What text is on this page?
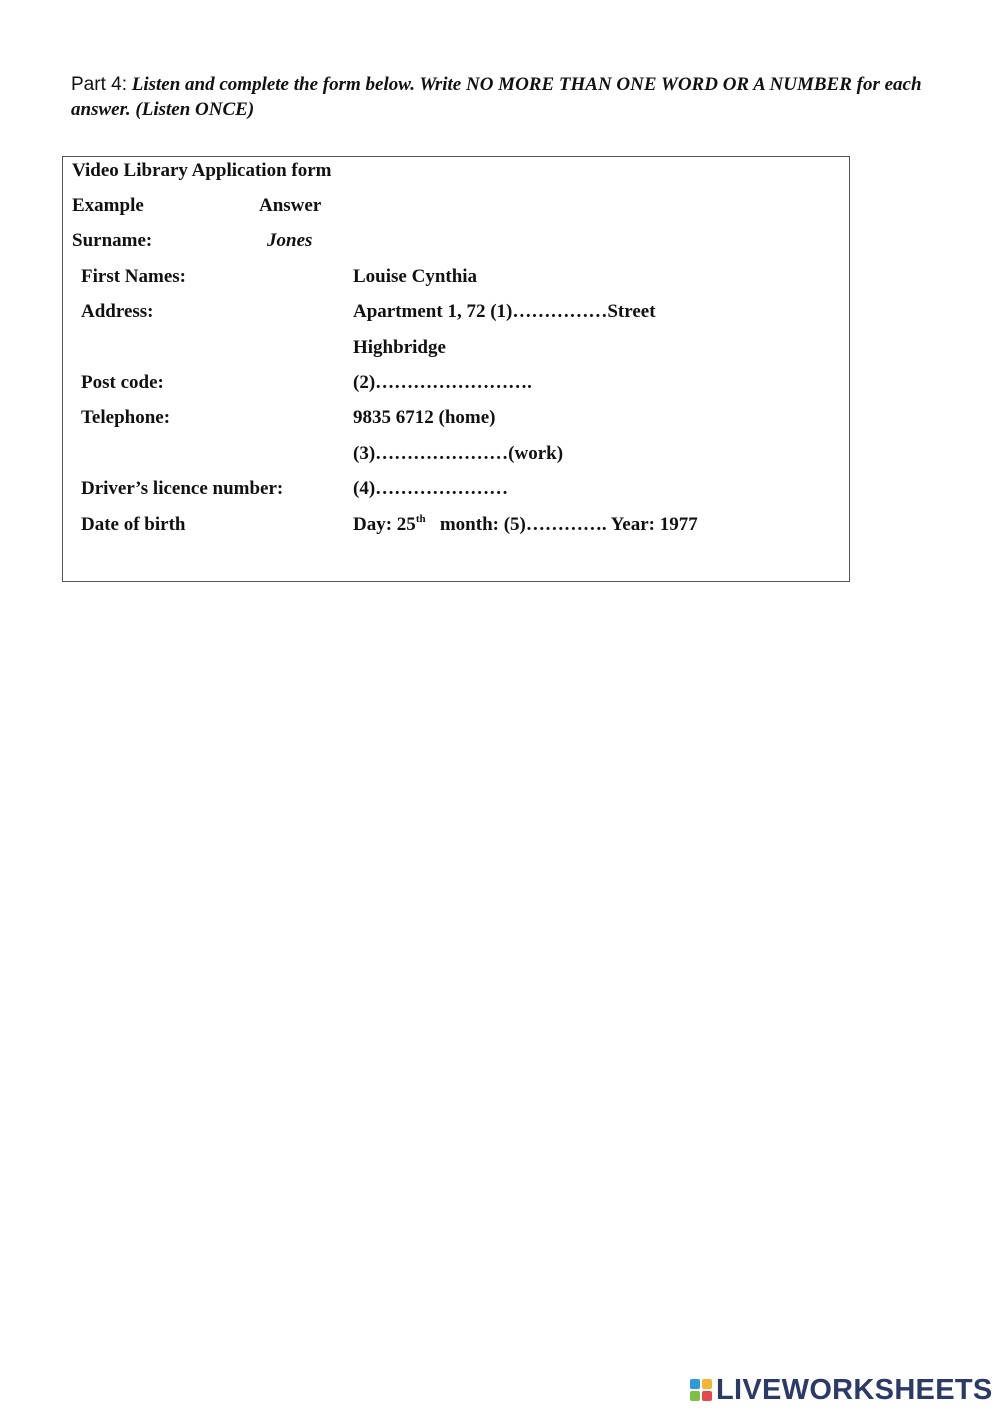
Part 4: Listen and complete the form below. Write NO MORE THAN ONE WORD OR A NUMBER for each answer. (Listen ONCE)
Video Library Application form
Example	Answer
Surname:	Jones
First Names:	Louise Cynthia
Address:	Apartment 1, 72 (1)……………Street
Highbridge
Post code:	(2)…………………….
Telephone:	9835 6712 (home)
(3)…………………(work)
Driver’s licence number:	(4)…………………
Date of birth	Day: 25th month: (5)…………. Year: 1977
LIVEWORKSHEETS
